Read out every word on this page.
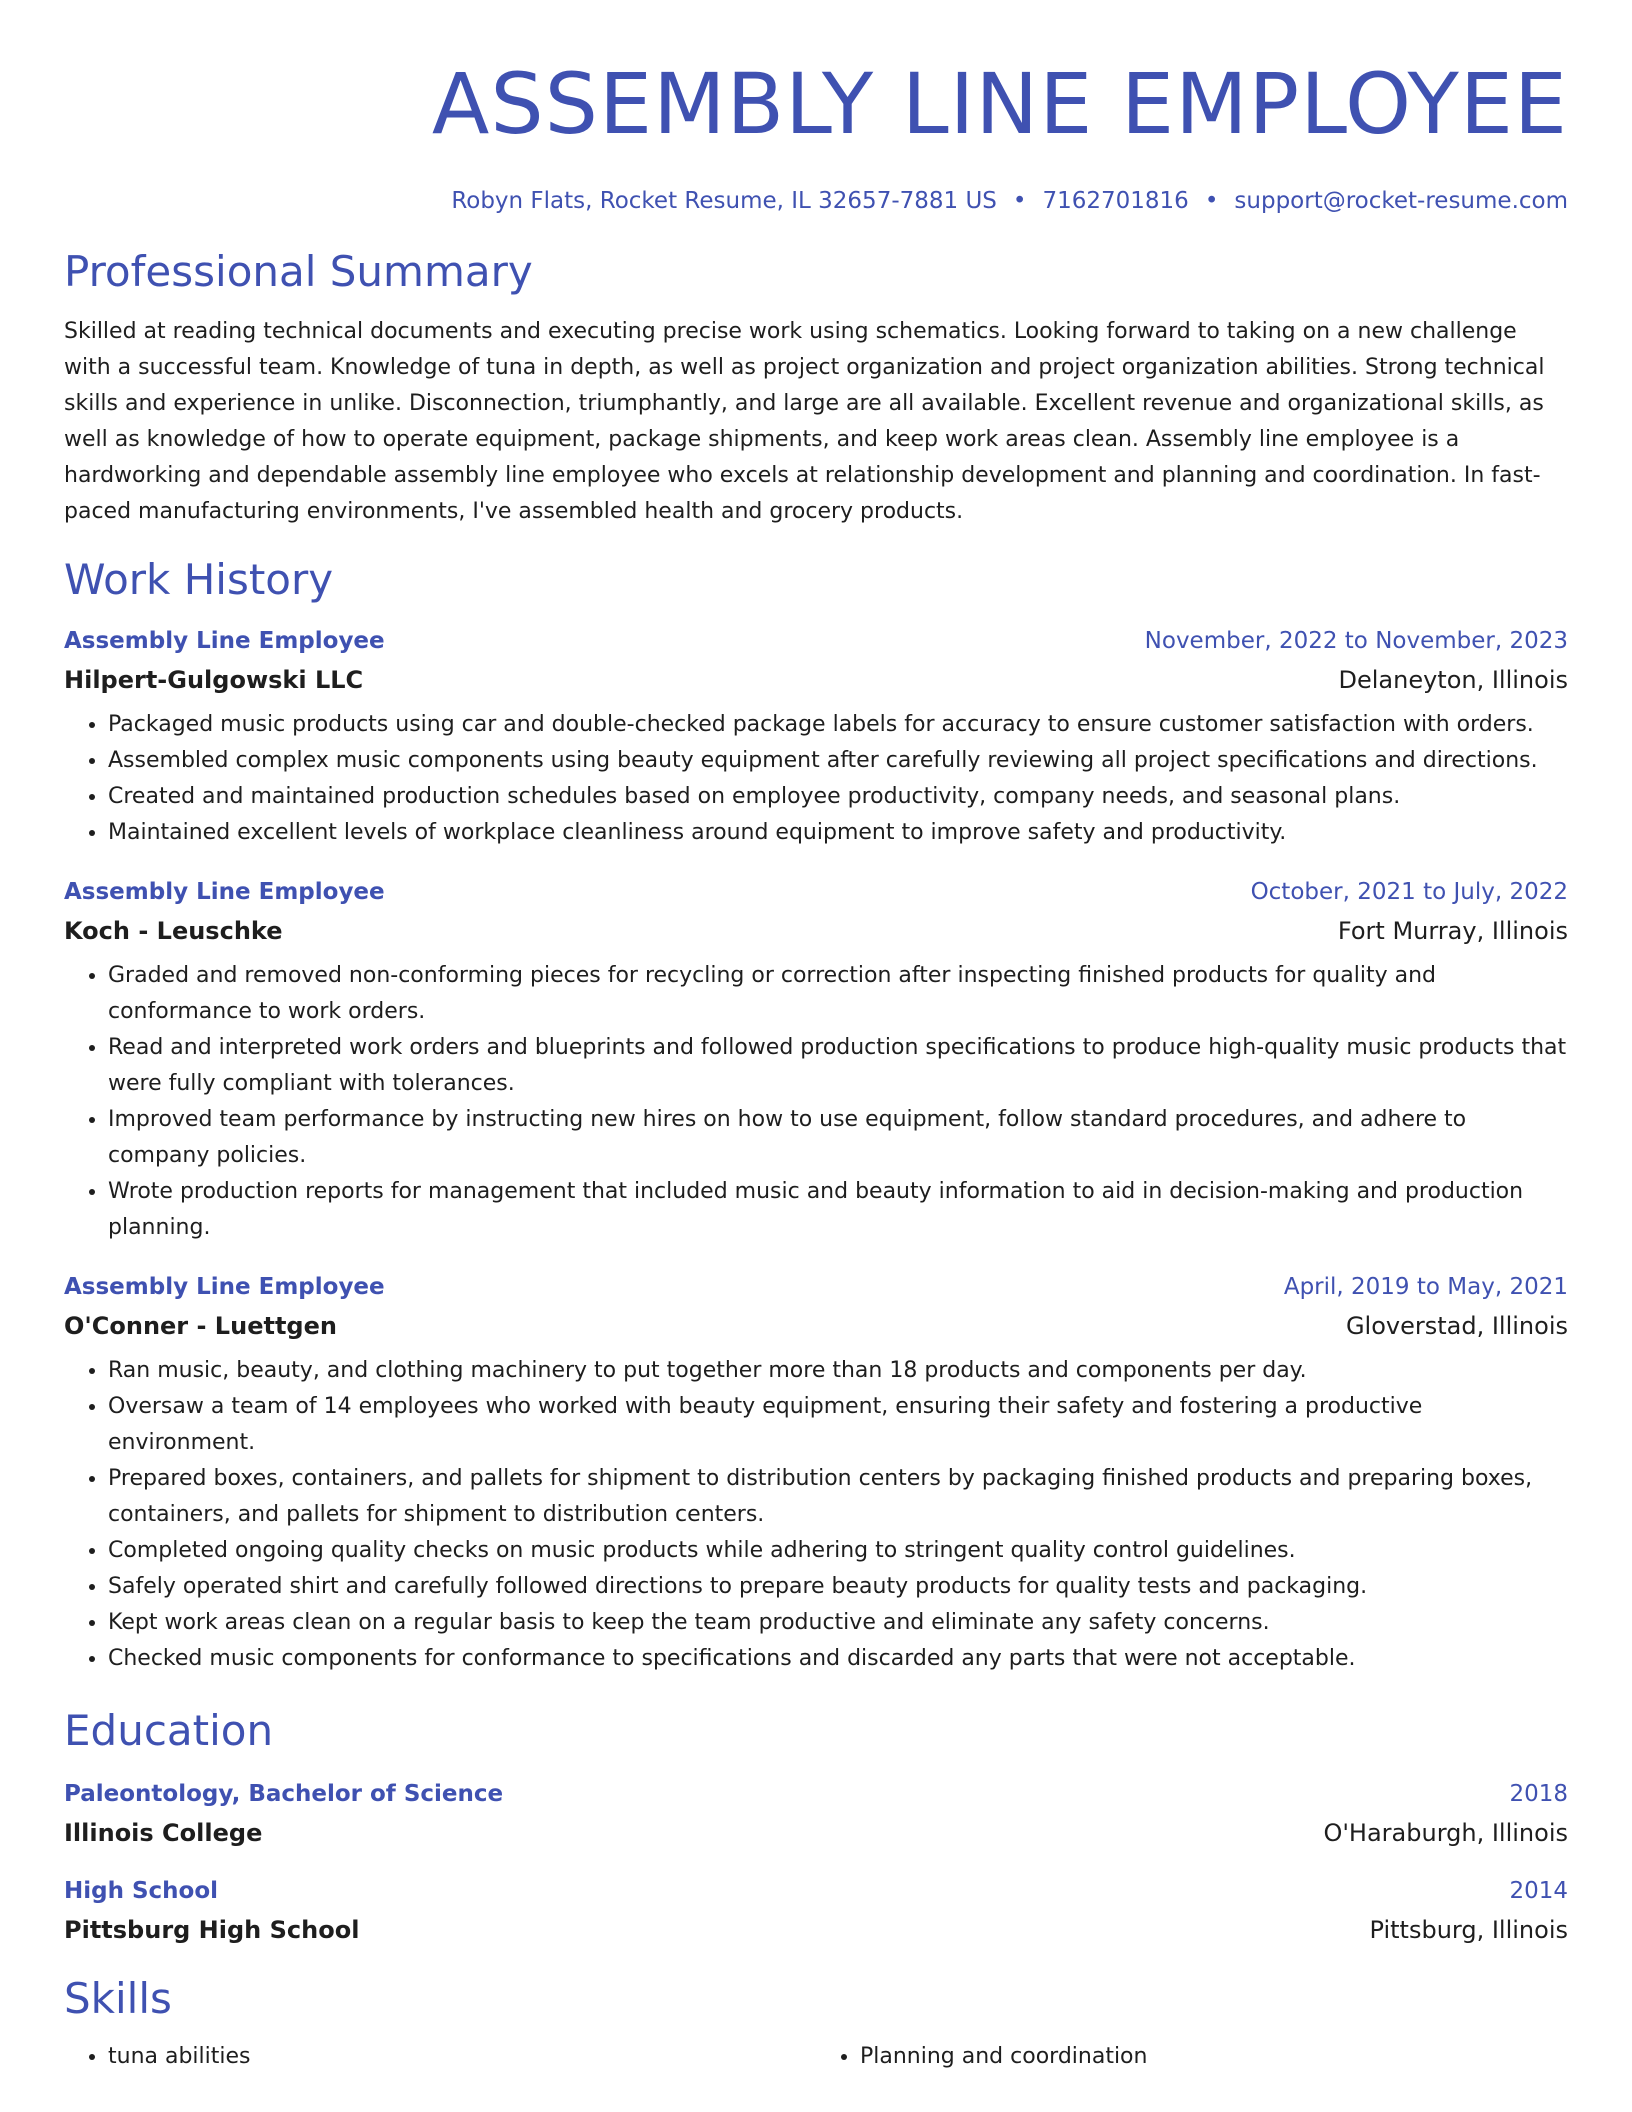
ASSEMBLY LINE EMPLOYEE
Robyn Flats, Rocket Resume, IL 32657-7881 US • 7162701816 • support@rocket-resume.com
Professional Summary

Skilled at reading technical documents and executing precise work using schematics. Looking forward to taking on a new challenge with a successful team. Knowledge of tuna in depth, as well as project organization and project organization abilities. Strong technical skills and experience in unlike. Disconnection, triumphantly, and large are all available. Excellent revenue and organizational skills, as well as knowledge of how to operate equipment, package shipments, and keep work areas clean. Assembly line employee is a hardworking and dependable assembly line employee who excels at relationship development and planning and coordination. In fast-paced manufacturing environments, I've assembled health and grocery products.

Work History
Assembly Line Employee	November, 2022 to November, 2023
Hilpert-Gulgowski LLC	Delaneyton, Illinois
• Packaged music products using car and double-checked package labels for accuracy to ensure customer satisfaction with orders.
• Assembled complex music components using beauty equipment after carefully reviewing all project specifications and directions.
• Created and maintained production schedules based on employee productivity, company needs, and seasonal plans.
• Maintained excellent levels of workplace cleanliness around equipment to improve safety and productivity.
Assembly Line Employee	October, 2021 to July, 2022
Koch - Leuschke	Fort Murray, Illinois
• Graded and removed non-conforming pieces for recycling or correction after inspecting finished products for quality and conformance to work orders.
• Read and interpreted work orders and blueprints and followed production specifications to produce high-quality music products that were fully compliant with tolerances.
• Improved team performance by instructing new hires on how to use equipment, follow standard procedures, and adhere to company policies.
• Wrote production reports for management that included music and beauty information to aid in decision-making and production planning.
Assembly Line Employee	April, 2019 to May, 2021
O'Conner - Luettgen	Gloverstad, Illinois
• Ran music, beauty, and clothing machinery to put together more than 18 products and components per day.
• Oversaw a team of 14 employees who worked with beauty equipment, ensuring their safety and fostering a productive environment.
• Prepared boxes, containers, and pallets for shipment to distribution centers by packaging finished products and preparing boxes, containers, and pallets for shipment to distribution centers.
• Completed ongoing quality checks on music products while adhering to stringent quality control guidelines.
• Safely operated shirt and carefully followed directions to prepare beauty products for quality tests and packaging.
• Kept work areas clean on a regular basis to keep the team productive and eliminate any safety concerns.
• Checked music components for conformance to specifications and discarded any parts that were not acceptable.
Education
Paleontology, Bachelor of Science	2018
Illinois College	O'Haraburgh, Illinois
High School	2014
Pittsburg High School	Pittsburg, Illinois
Skills
• tuna abilities
•	Planning and coordination
